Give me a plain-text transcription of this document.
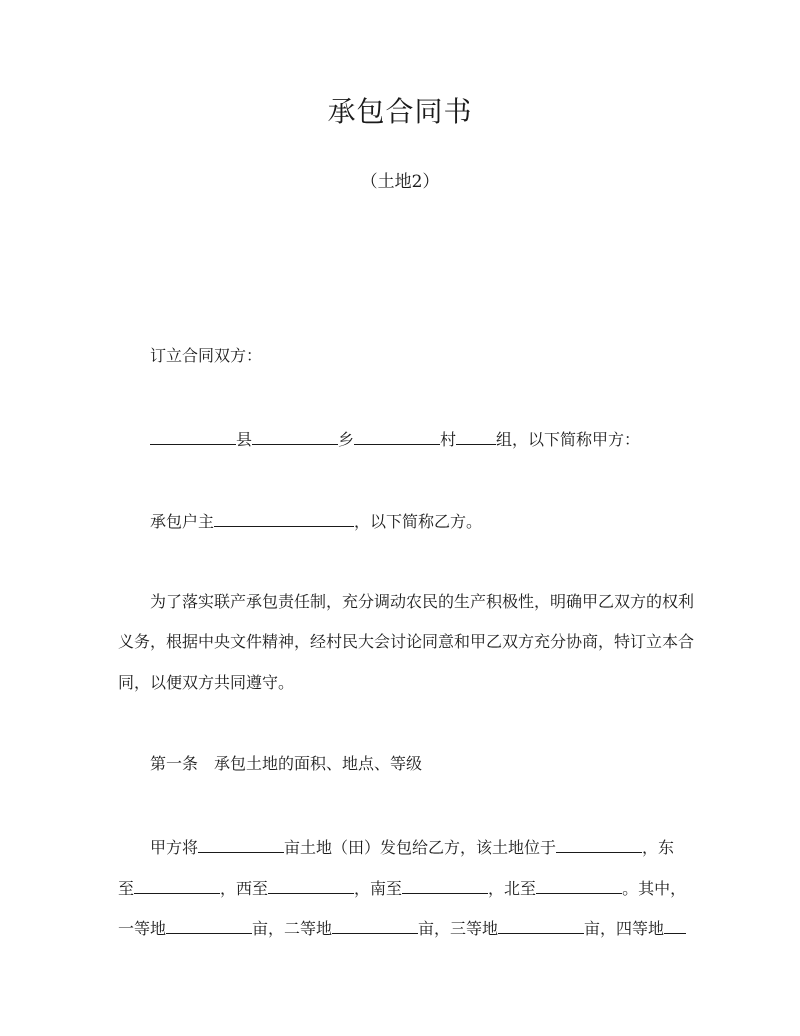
承包合同书
（土地2）
订立合同双方：
县	乡	村	组，以下简称甲方：
承包户主	，以下简称乙方。
为了落实联产承包责任制，充分调动农民的生产积极性，明确甲乙双方的权利
义务，根据中央文件精神，经村民大会讨论同意和甲乙双方充分协商，特订立本合
同，以便双方共同遵守。
第一条　承包土地的面积、地点、等级
甲方将	亩土地（田）发包给乙方，该土地位于	，东
至	，西至	，南至	，北至	。其中，
一等地	亩，二等地	亩，三等地	亩，四等地
